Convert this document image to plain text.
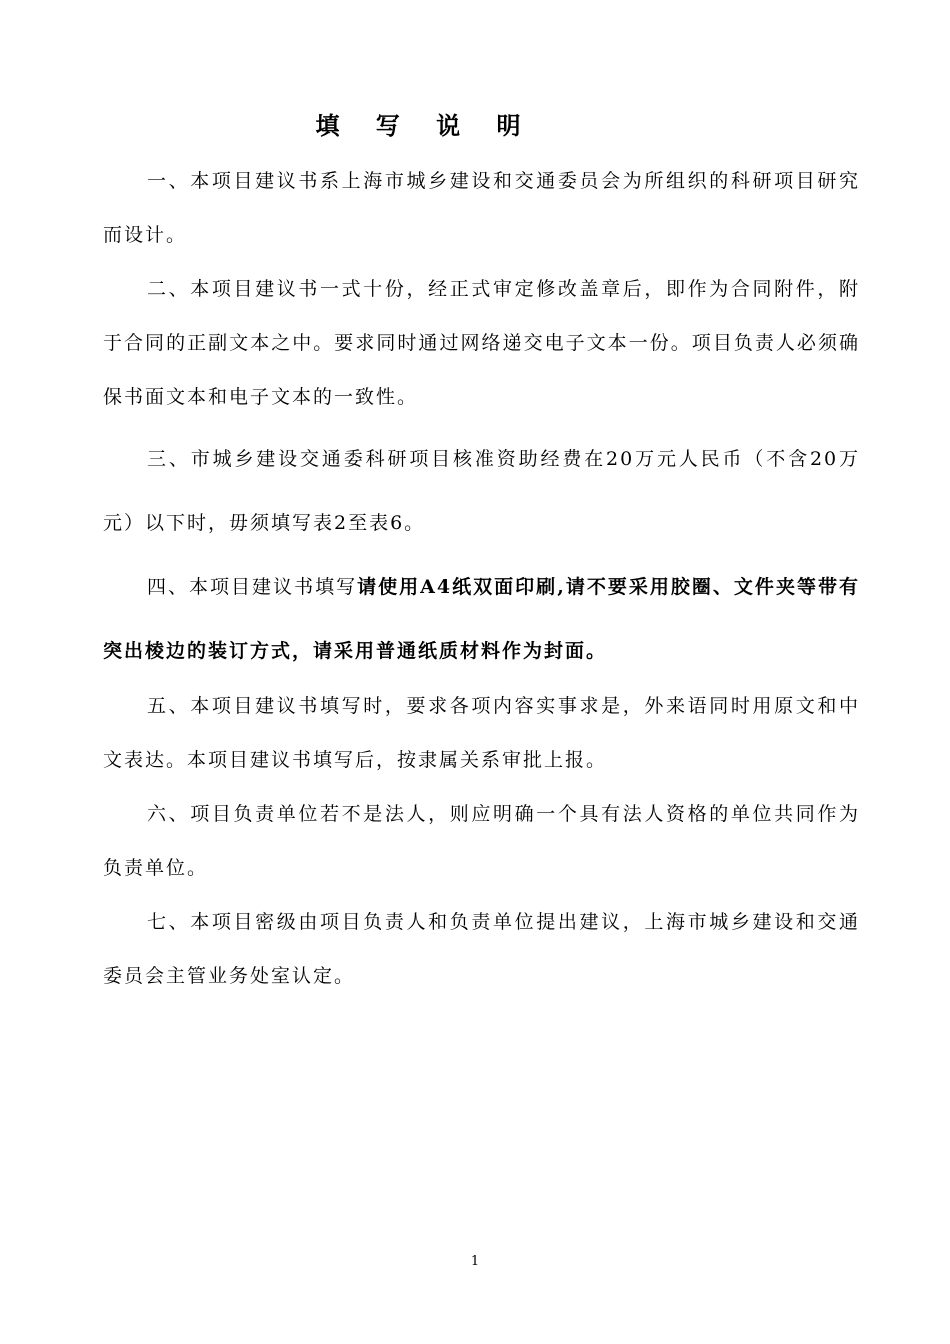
填 写 说 明

一、本项目建议书系上海市城乡建设和交通委员会为所组织的科研项目研究而设计。

二、本项目建议书一式十份，经正式审定修改盖章后，即作为合同附件，附于合同的正副文本之中。要求同时通过网络递交电子文本一份。项目负责人必须确保书面文本和电子文本的一致性。

三、市城乡建设交通委科研项目核准资助经费在20万元人民币（不含20万元）以下时，毋须填写表2至表6。

四、本项目建议书填写请使用A4纸双面印刷,请不要采用胶圈、文件夹等带有突出棱边的装订方式，请采用普通纸质材料作为封面。

五、本项目建议书填写时，要求各项内容实事求是，外来语同时用原文和中文表达。本项目建议书填写后，按隶属关系审批上报。

六、项目负责单位若不是法人，则应明确一个具有法人资格的单位共同作为负责单位。

七、本项目密级由项目负责人和负责单位提出建议，上海市城乡建设和交通委员会主管业务处室认定。

1
